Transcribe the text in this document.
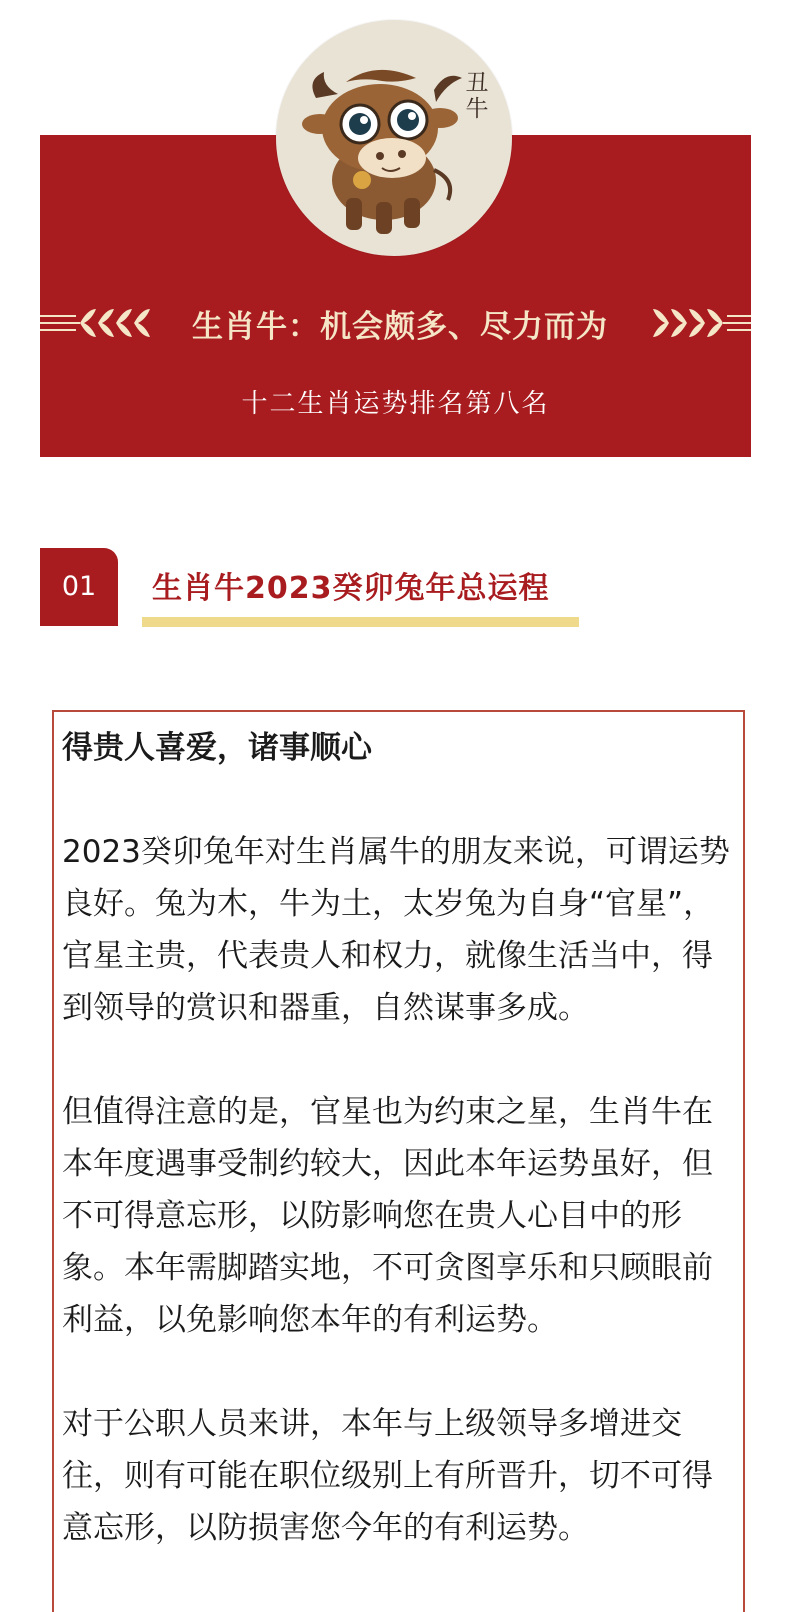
丑牛
生肖牛：机会颇多、尽力而为
十二生肖运势排名第八名
01	生肖牛2023癸卯兔年总运程

得贵人喜爱，诸事顺心

2023癸卯兔年对生肖属牛的朋友来说，可谓运势良好。兔为木，牛为土，太岁兔为自身“官星”，官星主贵，代表贵人和权力，就像生活当中，得到领导的赏识和器重，自然谋事多成。

但值得注意的是，官星也为约束之星，生肖牛在本年度遇事受制约较大，因此本年运势虽好，但不可得意忘形，以防影响您在贵人心目中的形象。本年需脚踏实地，不可贪图享乐和只顾眼前利益，以免影响您本年的有利运势。

对于公职人员来讲，本年与上级领导多增进交往，则有可能在职位级别上有所晋升，切不可得意忘形，以防损害您今年的有利运势。
